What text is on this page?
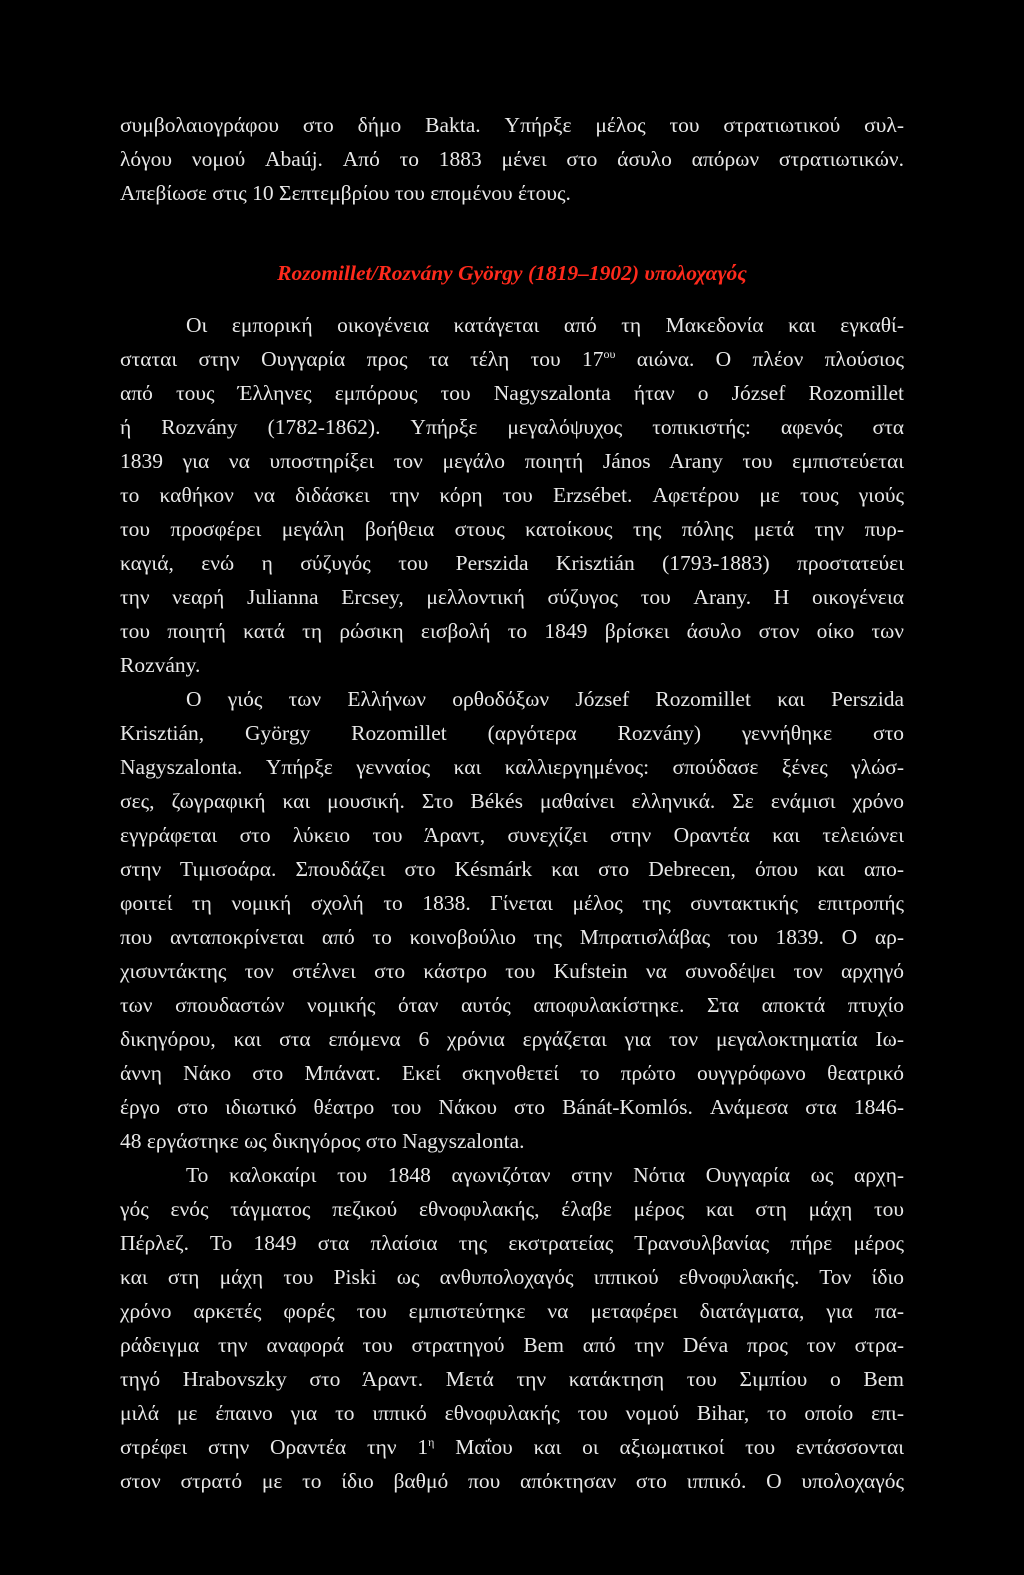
συμβολαιογράφου στο δήμο Bakta. Υπήρξε μέλος του στρατιωτικού συλ-
λόγου νομού Abaúj. Από το 1883 μένει στο άσυλο απόρων στρατιωτικών.
Απεβίωσε στις 10 Σεπτεμβρίου του επομένου έτους.
Rozomillet/Rozvány György (1819–1902) υπολοχαγός
Οι εμπορική οικογένεια κατάγεται από τη Μακεδονία και εγκαθί-
σταται στην Ουγγαρία προς τα τέλη του $17^{o\upsilon}$ αιώνα. Ο πλέον πλούσιος
από τους Έλληνες εμπόρους του Nagyszalonta ήταν ο József Rozomillet
ή Rozvány (1782-1862). Υπήρξε μεγαλόψυχος τοπικιστής: αφενός στα
1839 για να υποστηρίξει τον μεγάλο ποιητή János Arany του εμπιστεύεται
το καθήκον να διδάσκει την κόρη του Erzsébet. Αφετέρου με τους γιούς
του προσφέρει μεγάλη βοήθεια στους κατοίκους της πόλης μετά την πυρ-
καγιά, ενώ η σύζυγός του Perszida Krisztián (1793-1883) προστατεύει
την νεαρή Julianna Ercsey, μελλοντική σύζυγος του Arany. Η οικογένεια
του ποιητή κατά τη ρώσικη εισβολή το 1849 βρίσκει άσυλο στον οίκο των
Rozvány.
Ο γιός των Ελλήνων ορθοδόξων József Rozomillet και Perszida
Krisztián, György Rozomillet (αργότερα Rozvány) γεννήθηκε στο
Nagyszalonta. Υπήρξε γενναίος και καλλιεργημένος: σπούδασε ξένες γλώσ-
σες, ζωγραφική και μουσική. Στο Békés μαθαίνει ελληνικά. Σε ενάμισι χρόνο
εγγράφεται στο λύκειο του Άραντ, συνεχίζει στην Οραντέα και τελειώνει
στην Τιμισοάρα. Σπουδάζει στο Késmárk και στο Debrecen, όπου και απο-
φοιτεί τη νομική σχολή το 1838. Γίνεται μέλος της συντακτικής επιτροπής
που ανταποκρίνεται από το κοινοβούλιο της Μπρατισλάβας του 1839. Ο αρ-
χισυντάκτης τον στέλνει στο κάστρο του Kufstein να συνοδέψει τον αρχηγό
των σπουδαστών νομικής όταν αυτός αποφυλακίστηκε. Στα αποκτά πτυχίο
δικηγόρου, και στα επόμενα 6 χρόνια εργάζεται για τον μεγαλοκτηματία Ιω-
άννη Νάκο στο Μπάνατ. Εκεί σκηνοθετεί το πρώτο ουγγρόφωνο θεατρικό
έργο στο ιδιωτικό θέατρο του Νάκου στο Bánát-Komlós. Ανάμεσα στα 1846-
48 εργάστηκε ως δικηγόρος στο Nagyszalonta.
Το καλοκαίρι του 1848 αγωνιζόταν στην Νότια Ουγγαρία ως αρχη-
γός ενός τάγματος πεζικού εθνοφυλακής, έλαβε μέρος και στη μάχη του
Πέρλεζ. Το 1849 στα πλαίσια της εκστρατείας Τρανσυλβανίας πήρε μέρος
και στη μάχη του Piski ως ανθυπολοχαγός ιππικού εθνοφυλακής. Τον ίδιο
χρόνο αρκετές φορές του εμπιστεύτηκε να μεταφέρει διατάγματα, για πα-
ράδειγμα την αναφορά του στρατηγού Bem από την Déva προς τον στρα-
τηγό Hrabovszky στο Άραντ. Μετά την κατάκτηση του Σιμπίου ο Bem
μιλά με έπαινο για το ιππικό εθνοφυλακής του νομού Bihar, το οποίο επι-
στρέφει στην Οραντέα την $1^\eta$ Μαΐου και οι αξιωματικοί του εντάσσονται
στον στρατό με το ίδιο βαθμό που απόκτησαν στο ιππικό. Ο υπολοχαγός
